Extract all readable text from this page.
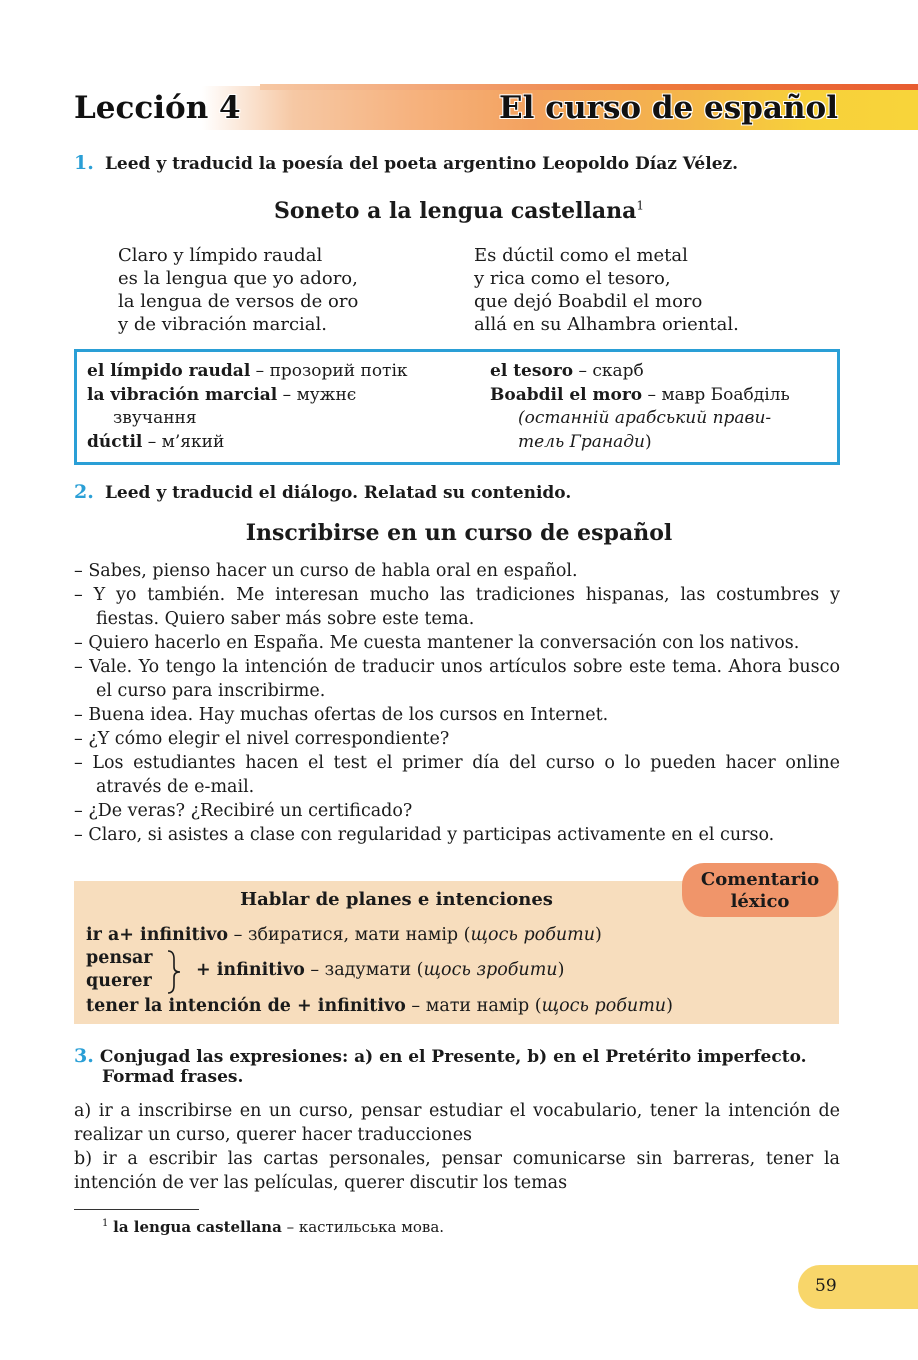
Lección 4	El curso de español
1. Leed y traducid la poesía del poeta argentino Leopoldo Díaz Vélez.
Soneto a la lengua castellana$^1$
Claro y límpido raudal
es la lengua que yo adoro,
la lengua de versos de oro
y de vibración marcial.
Es dúctil como el metal
y rica como el tesoro,
que dejó Boabdil el moro
allá en su Alhambra oriental.
el límpido raudal – прозорий потік
la vibración marcial – мужнє
звучання
dúctil – м’який
el tesoro – скарб
Boabdil el moro – мавр Боабділь
(останній арабський прави-
тель Гранади)
2. Leed y traducid el diálogo. Relatad su contenido.
Inscribirse en un curso de español
– Sabes, pienso hacer un curso de habla oral en español.
– Y yo también. Me interesan mucho las tradiciones hispanas, las costumbres y fiestas. Quiero saber más sobre este tema.
– Quiero hacerlo en España. Me cuesta mantener la conversación con los nativos.
– Vale. Yo tengo la intención de traducir unos artículos sobre este tema. Ahora busco el curso para inscribirme.
– Buena idea. Hay muchas ofertas de los cursos en Internet.
– ¿Y cómo elegir el nivel correspondiente?
– Los estudiantes hacen el test el primer día del curso o lo pueden hacer online através de e-mail.
– ¿De veras? ¿Recibiré un certificado?
– Claro, si asistes a clase con regularidad y participas activamente en el curso.
Hablar de planes e intenciones
ir a+ infinitivo – збиратися, мати намір (щось робити)
pensar
querer
+ infinitivo – задумати (щось зробити)
tener la intención de + infinitivo – мати намір (щось робити)
Comentario
léxico
3. Conjugad las expresiones: a) en el Presente, b) en el Pretérito imperfecto.
Formad frases.
a) ir a inscribirse en un curso, pensar estudiar el vocabulario, tener la intención de realizar un curso, querer hacer traducciones
b) ir a escribir las cartas personales, pensar comunicarse sin barreras, tener la intención de ver las películas, querer discutir los temas
$^1$ la lengua castellana – кастильська мова.
59
